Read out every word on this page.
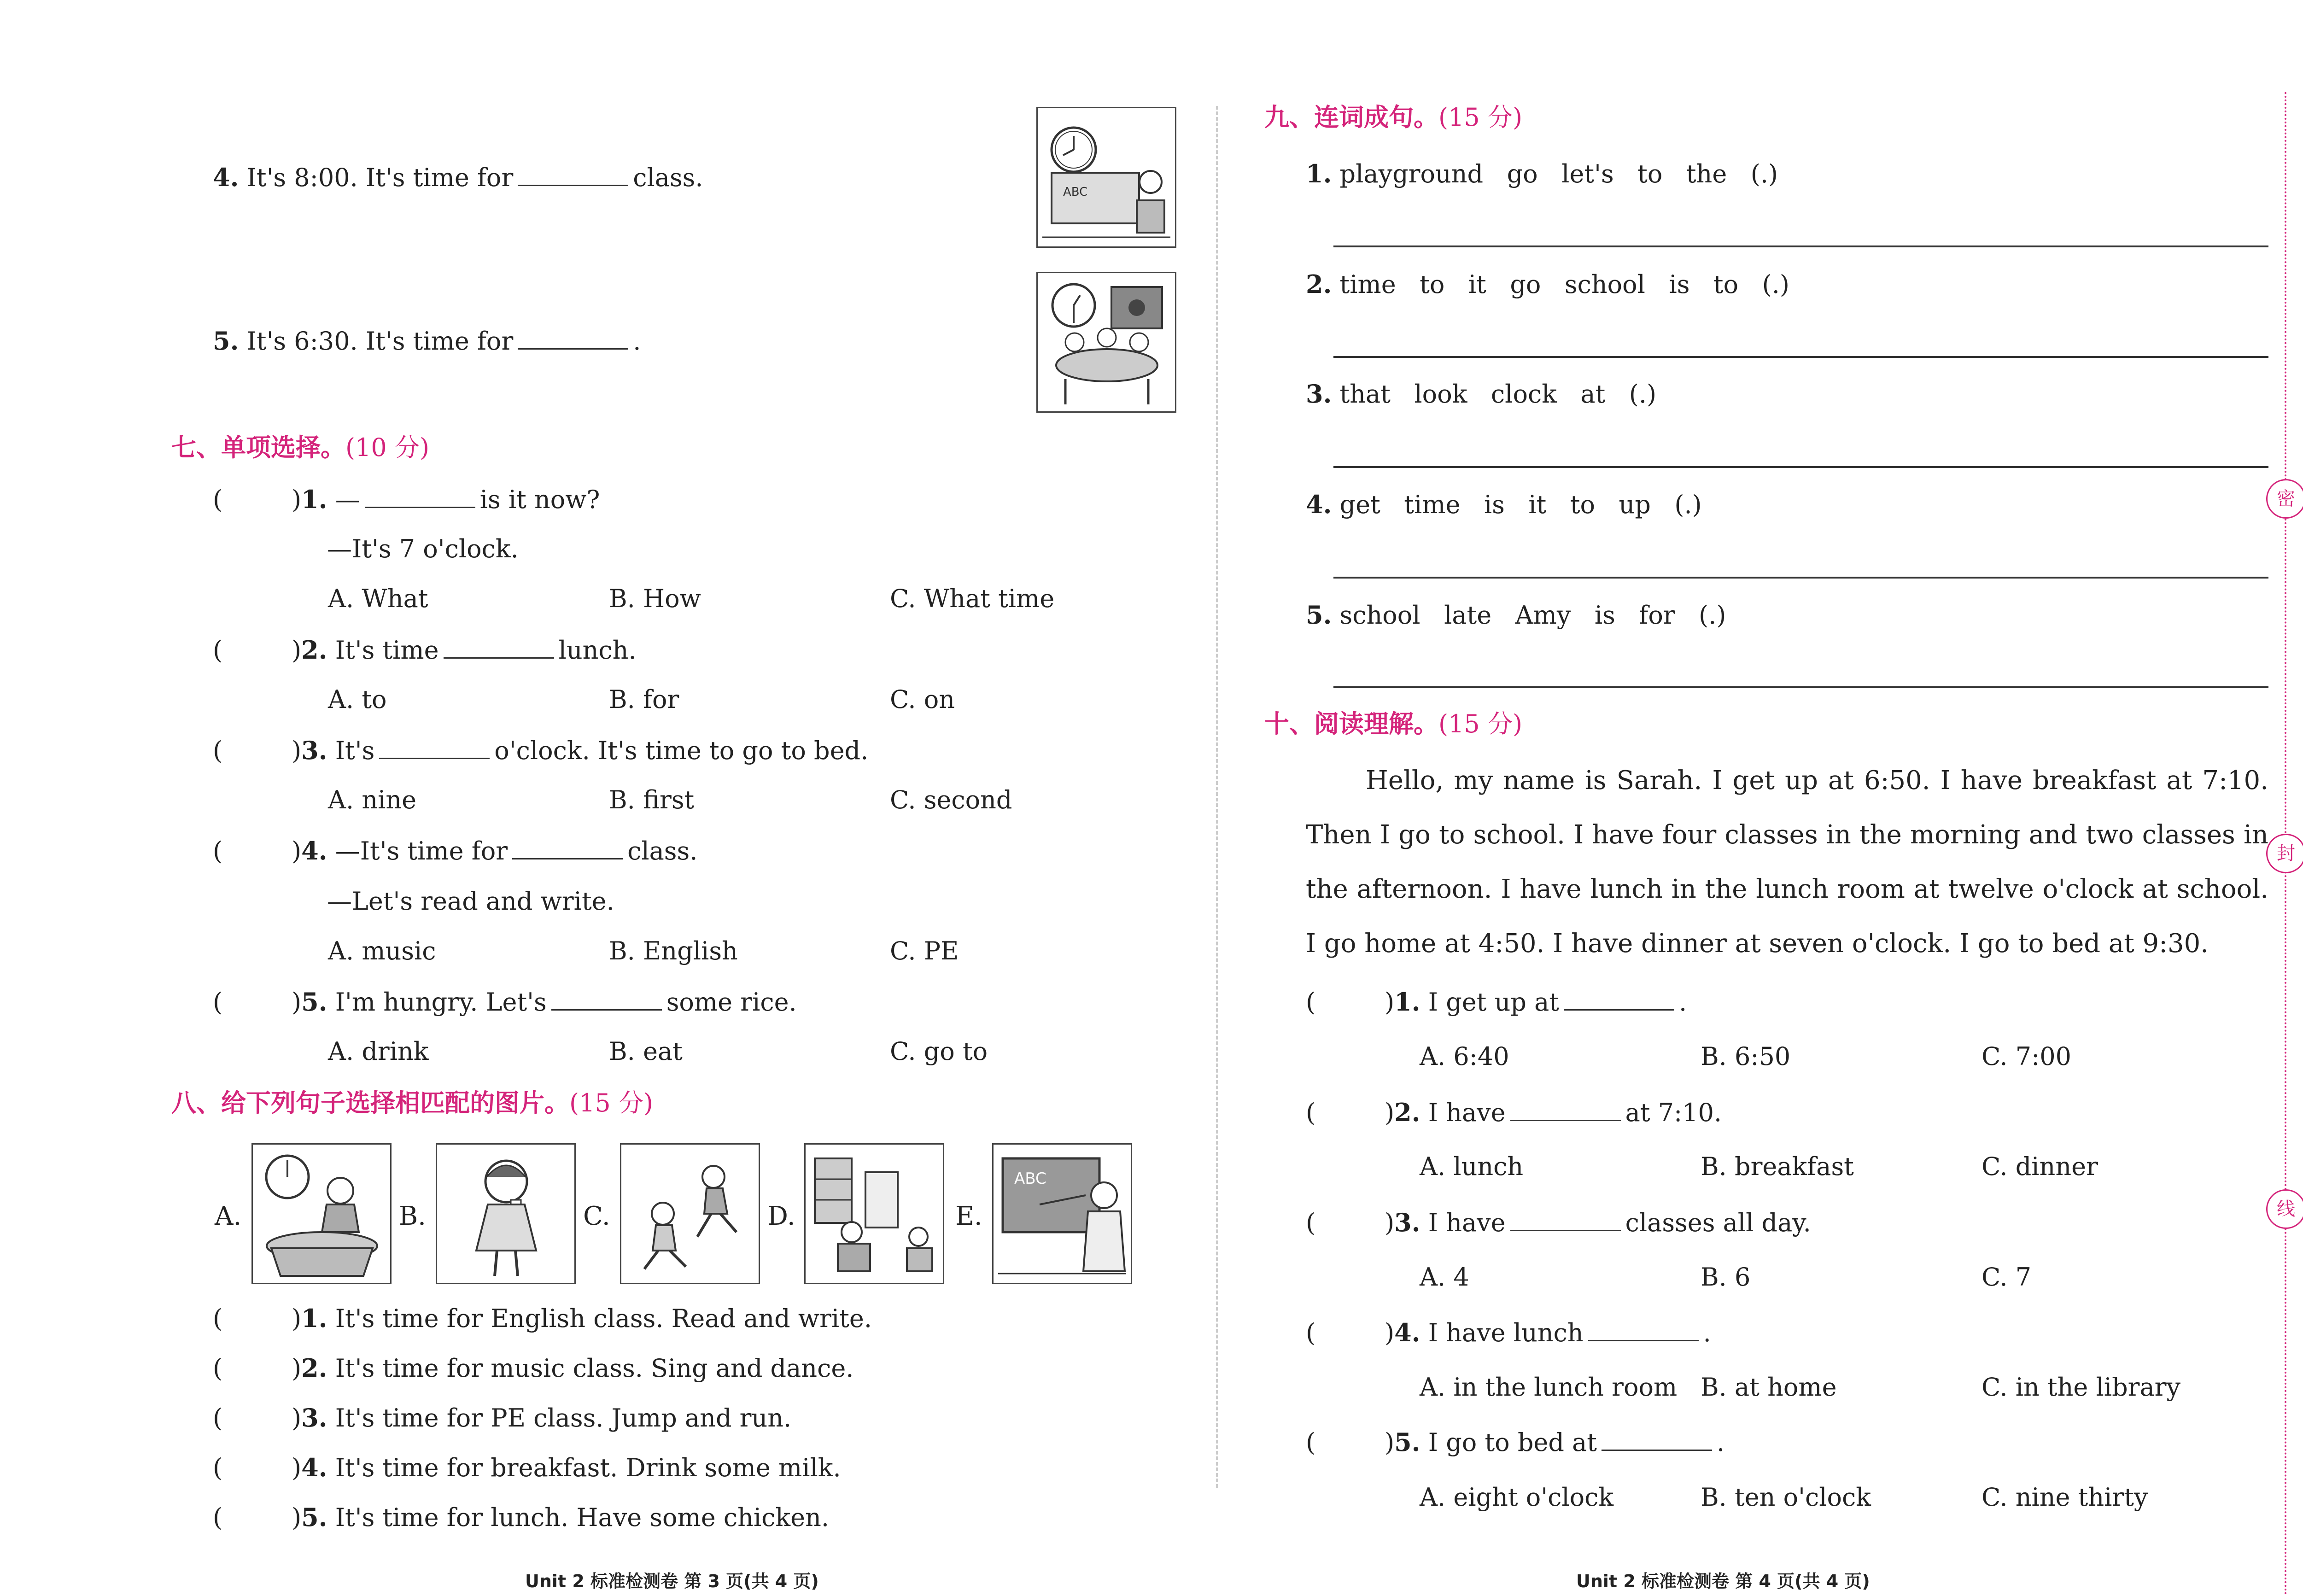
4. It's 8:00. It's time for	class.	ABC
5. It's 6:30. It's time for	.
七、单项选择。(10 分)
(	)1. —	is it now?
—It's 7 o'clock.
A. What	B. How	C. What time
(	)2. It's time	lunch.
A. to	B. for	C. on
(	)3. It's	o'clock. It's time to go to bed.
A. nine	B. first	C. second
(	)4. —It's time for	class.
—Let's read and write.
A. music	B. English	C. PE
(	)5. I'm hungry. Let's	some rice.
A. drink	B. eat	C. go to
八、给下列句子选择相匹配的图片。(15 分)
A.	B.	C.	D.	E.
ABC
(	)1. It's time for English class. Read and write.
(	)2. It's time for music class. Sing and dance.
(	)3. It's time for PE class. Jump and run.
(	)4. It's time for breakfast. Drink some milk.
(	)5. It's time for lunch. Have some chicken.
Unit 2 标准检测卷 第 3 页(共 4 页)
九、连词成句。(15 分)
1. playground   go   let's   to   the   (.)
2. time   to   it   go   school   is   to   (.)
3. that   look   clock   at   (.)
4. get   time   is   it   to   up   (.)
5. school   late   Amy   is   for   (.)
十、阅读理解。(15 分)
Hello, my name is Sarah. I get up at 6:50. I have breakfast at 7:10. Then I go to school. I have four classes in the morning and two classes in the afternoon. I have lunch in the lunch room at twelve o'clock at school. I go home at 4:50. I have dinner at seven o'clock. I go to bed at 9:30.
(	)1. I get up at	.
A. 6:40	B. 6:50	C. 7:00
(	)2. I have	at 7:10.
A. lunch	B. breakfast	C. dinner
(	)3. I have	classes all day.
A. 4	B. 6	C. 7
(	)4. I have lunch	.
A. in the lunch room B. at home	C. in the library
(	)5. I go to bed at	.
A. eight o'clock	B. ten o'clock	C. nine thirty
Unit 2 标准检测卷 第 4 页(共 4 页)
密
封
线
